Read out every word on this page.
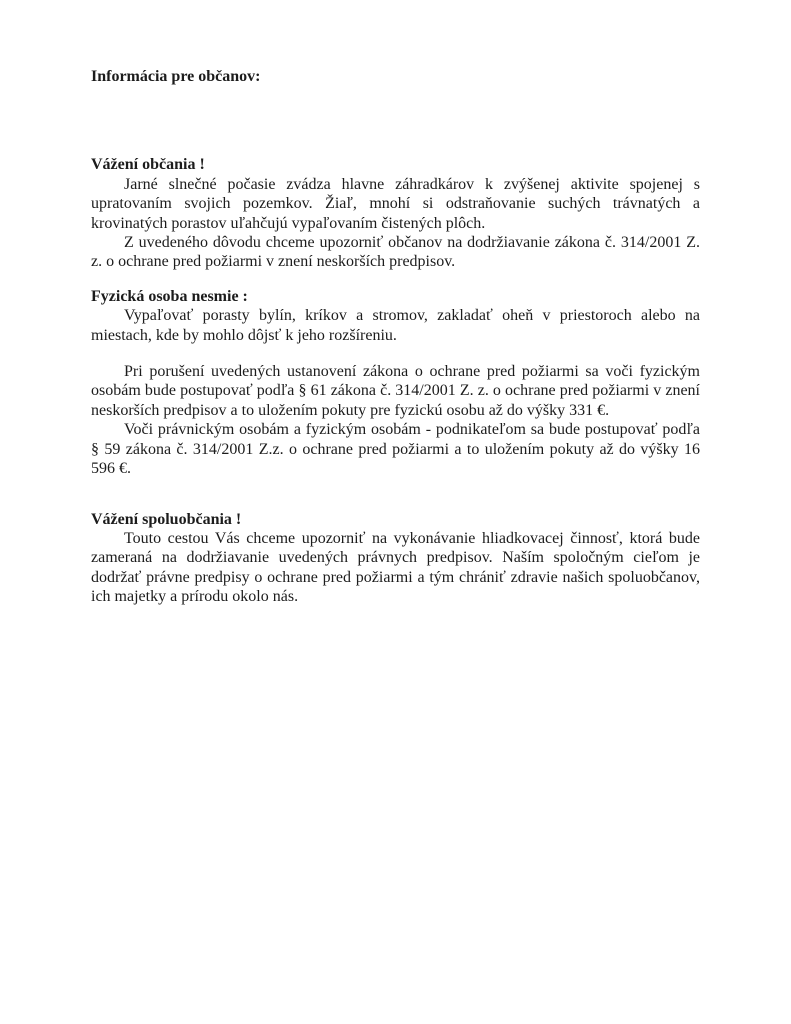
Informácia pre občanov:

Vážení občania !

Jarné slnečné počasie zvádza hlavne záhradkárov k zvýšenej aktivite spojenej s upratovaním svojich pozemkov. Žiaľ, mnohí si odstraňovanie suchých trávnatých a krovinatých porastov uľahčujú vypaľovaním čistených plôch.

Z uvedeného dôvodu chceme upozorniť občanov na dodržiavanie zákona č. 314/2001 Z. z. o ochrane pred požiarmi v znení neskorších predpisov.

Fyzická osoba nesmie :

Vypaľovať porasty bylín, kríkov a stromov, zakladať oheň v priestoroch alebo na miestach, kde by mohlo dôjsť k jeho rozšíreniu.

Pri porušení uvedených ustanovení zákona o ochrane pred požiarmi sa voči fyzickým osobám bude postupovať podľa § 61 zákona č. 314/2001 Z. z. o ochrane pred požiarmi v znení neskorších predpisov a to uložením pokuty pre fyzickú osobu až do výšky 331 €.

Voči právnickým osobám a fyzickým osobám - podnikateľom sa bude postupovať podľa § 59 zákona č. 314/2001 Z.z. o ochrane pred požiarmi a to uložením pokuty až do výšky 16 596 €.

Vážení spoluobčania !

Touto cestou Vás chceme upozorniť na vykonávanie hliadkovacej činnosť, ktorá bude zameraná na dodržiavanie uvedených právnych predpisov. Naším spoločným cieľom je dodržať právne predpisy o ochrane pred požiarmi a tým chrániť zdravie našich spoluobčanov, ich majetky a prírodu okolo nás.
